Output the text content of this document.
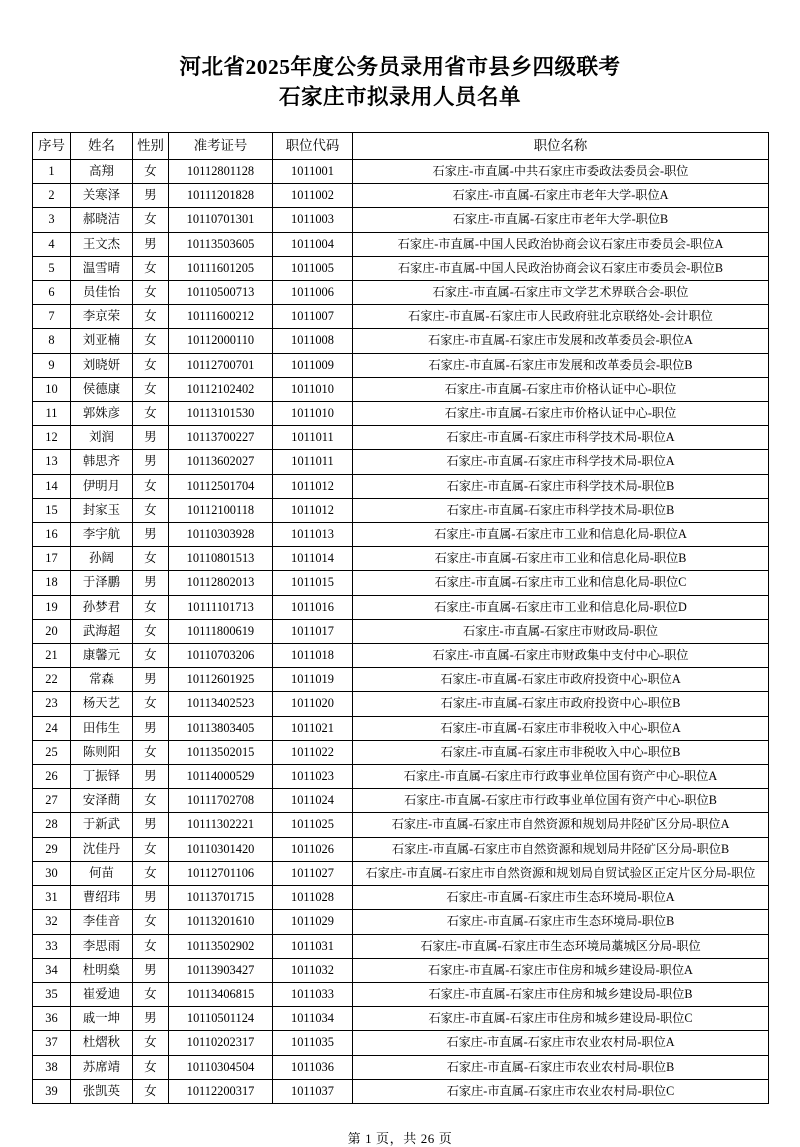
河北省2025年度公务员录用省市县乡四级联考
石家庄市拟录用人员名单
序号	姓名	性别	准考证号	职位代码	职位名称
1	高翔	女	10112801128	1011001	石家庄-市直属-中共石家庄市委政法委员会-职位
2	关寒泽	男	10111201828	1011002	石家庄-市直属-石家庄市老年大学-职位A
3	郝晓洁	女	10110701301	1011003	石家庄-市直属-石家庄市老年大学-职位B
4	王文杰	男	10113503605	1011004	石家庄-市直属-中国人民政治协商会议石家庄市委员会-职位A
5	温雪晴	女	10111601205	1011005	石家庄-市直属-中国人民政治协商会议石家庄市委员会-职位B
6	员佳怡	女	10110500713	1011006	石家庄-市直属-石家庄市文学艺术界联合会-职位
7	李京荣	女	10111600212	1011007	石家庄-市直属-石家庄市人民政府驻北京联络处-会计职位
8	刘亚楠	女	10112000110	1011008	石家庄-市直属-石家庄市发展和改革委员会-职位A
9	刘晓妍	女	10112700701	1011009	石家庄-市直属-石家庄市发展和改革委员会-职位B
10	侯德康	女	10112102402	1011010	石家庄-市直属-石家庄市价格认证中心-职位
11	郭姝彦	女	10113101530	1011010	石家庄-市直属-石家庄市价格认证中心-职位
12	刘润	男	10113700227	1011011	石家庄-市直属-石家庄市科学技术局-职位A
13	韩思齐	男	10113602027	1011011	石家庄-市直属-石家庄市科学技术局-职位A
14	伊明月	女	10112501704	1011012	石家庄-市直属-石家庄市科学技术局-职位B
15	封家玉	女	10112100118	1011012	石家庄-市直属-石家庄市科学技术局-职位B
16	李宇航	男	10110303928	1011013	石家庄-市直属-石家庄市工业和信息化局-职位A
17	孙阔	女	10110801513	1011014	石家庄-市直属-石家庄市工业和信息化局-职位B
18	于泽鹏	男	10112802013	1011015	石家庄-市直属-石家庄市工业和信息化局-职位C
19	孙梦君	女	10111101713	1011016	石家庄-市直属-石家庄市工业和信息化局-职位D
20	武海超	女	10111800619	1011017	石家庄-市直属-石家庄市财政局-职位
21	康馨元	女	10110703206	1011018	石家庄-市直属-石家庄市财政集中支付中心-职位
22	常森	男	10112601925	1011019	石家庄-市直属-石家庄市政府投资中心-职位A
23	杨天艺	女	10113402523	1011020	石家庄-市直属-石家庄市政府投资中心-职位B
24	田伟生	男	10113803405	1011021	石家庄-市直属-石家庄市非税收入中心-职位A
25	陈则阳	女	10113502015	1011022	石家庄-市直属-石家庄市非税收入中心-职位B
26	丁振铎	男	10114000529	1011023	石家庄-市直属-石家庄市行政事业单位国有资产中心-职位A
27	安泽蔄	女	10111702708	1011024	石家庄-市直属-石家庄市行政事业单位国有资产中心-职位B
28	于新武	男	10111302221	1011025	石家庄-市直属-石家庄市自然资源和规划局井陉矿区分局-职位A
29	沈佳丹	女	10110301420	1011026	石家庄-市直属-石家庄市自然资源和规划局井陉矿区分局-职位B
30	何苗	女	10112701106	1011027	石家庄-市直属-石家庄市自然资源和规划局自贸试验区正定片区分局-职位
31	曹绍玮	男	10113701715	1011028	石家庄-市直属-石家庄市生态环境局-职位A
32	李佳音	女	10113201610	1011029	石家庄-市直属-石家庄市生态环境局-职位B
33	李思雨	女	10113502902	1011031	石家庄-市直属-石家庄市生态环境局藁城区分局-职位
34	杜明燊	男	10113903427	1011032	石家庄-市直属-石家庄市住房和城乡建设局-职位A
35	崔爱迪	女	10113406815	1011033	石家庄-市直属-石家庄市住房和城乡建设局-职位B
36	戚一坤	男	10110501124	1011034	石家庄-市直属-石家庄市住房和城乡建设局-职位C
37	杜熠秋	女	10110202317	1011035	石家庄-市直属-石家庄市农业农村局-职位A
38	苏席靖	女	10110304504	1011036	石家庄-市直属-石家庄市农业农村局-职位B
39	张凯英	女	10112200317	1011037	石家庄-市直属-石家庄市农业农村局-职位C
第 1 页，共 26 页
